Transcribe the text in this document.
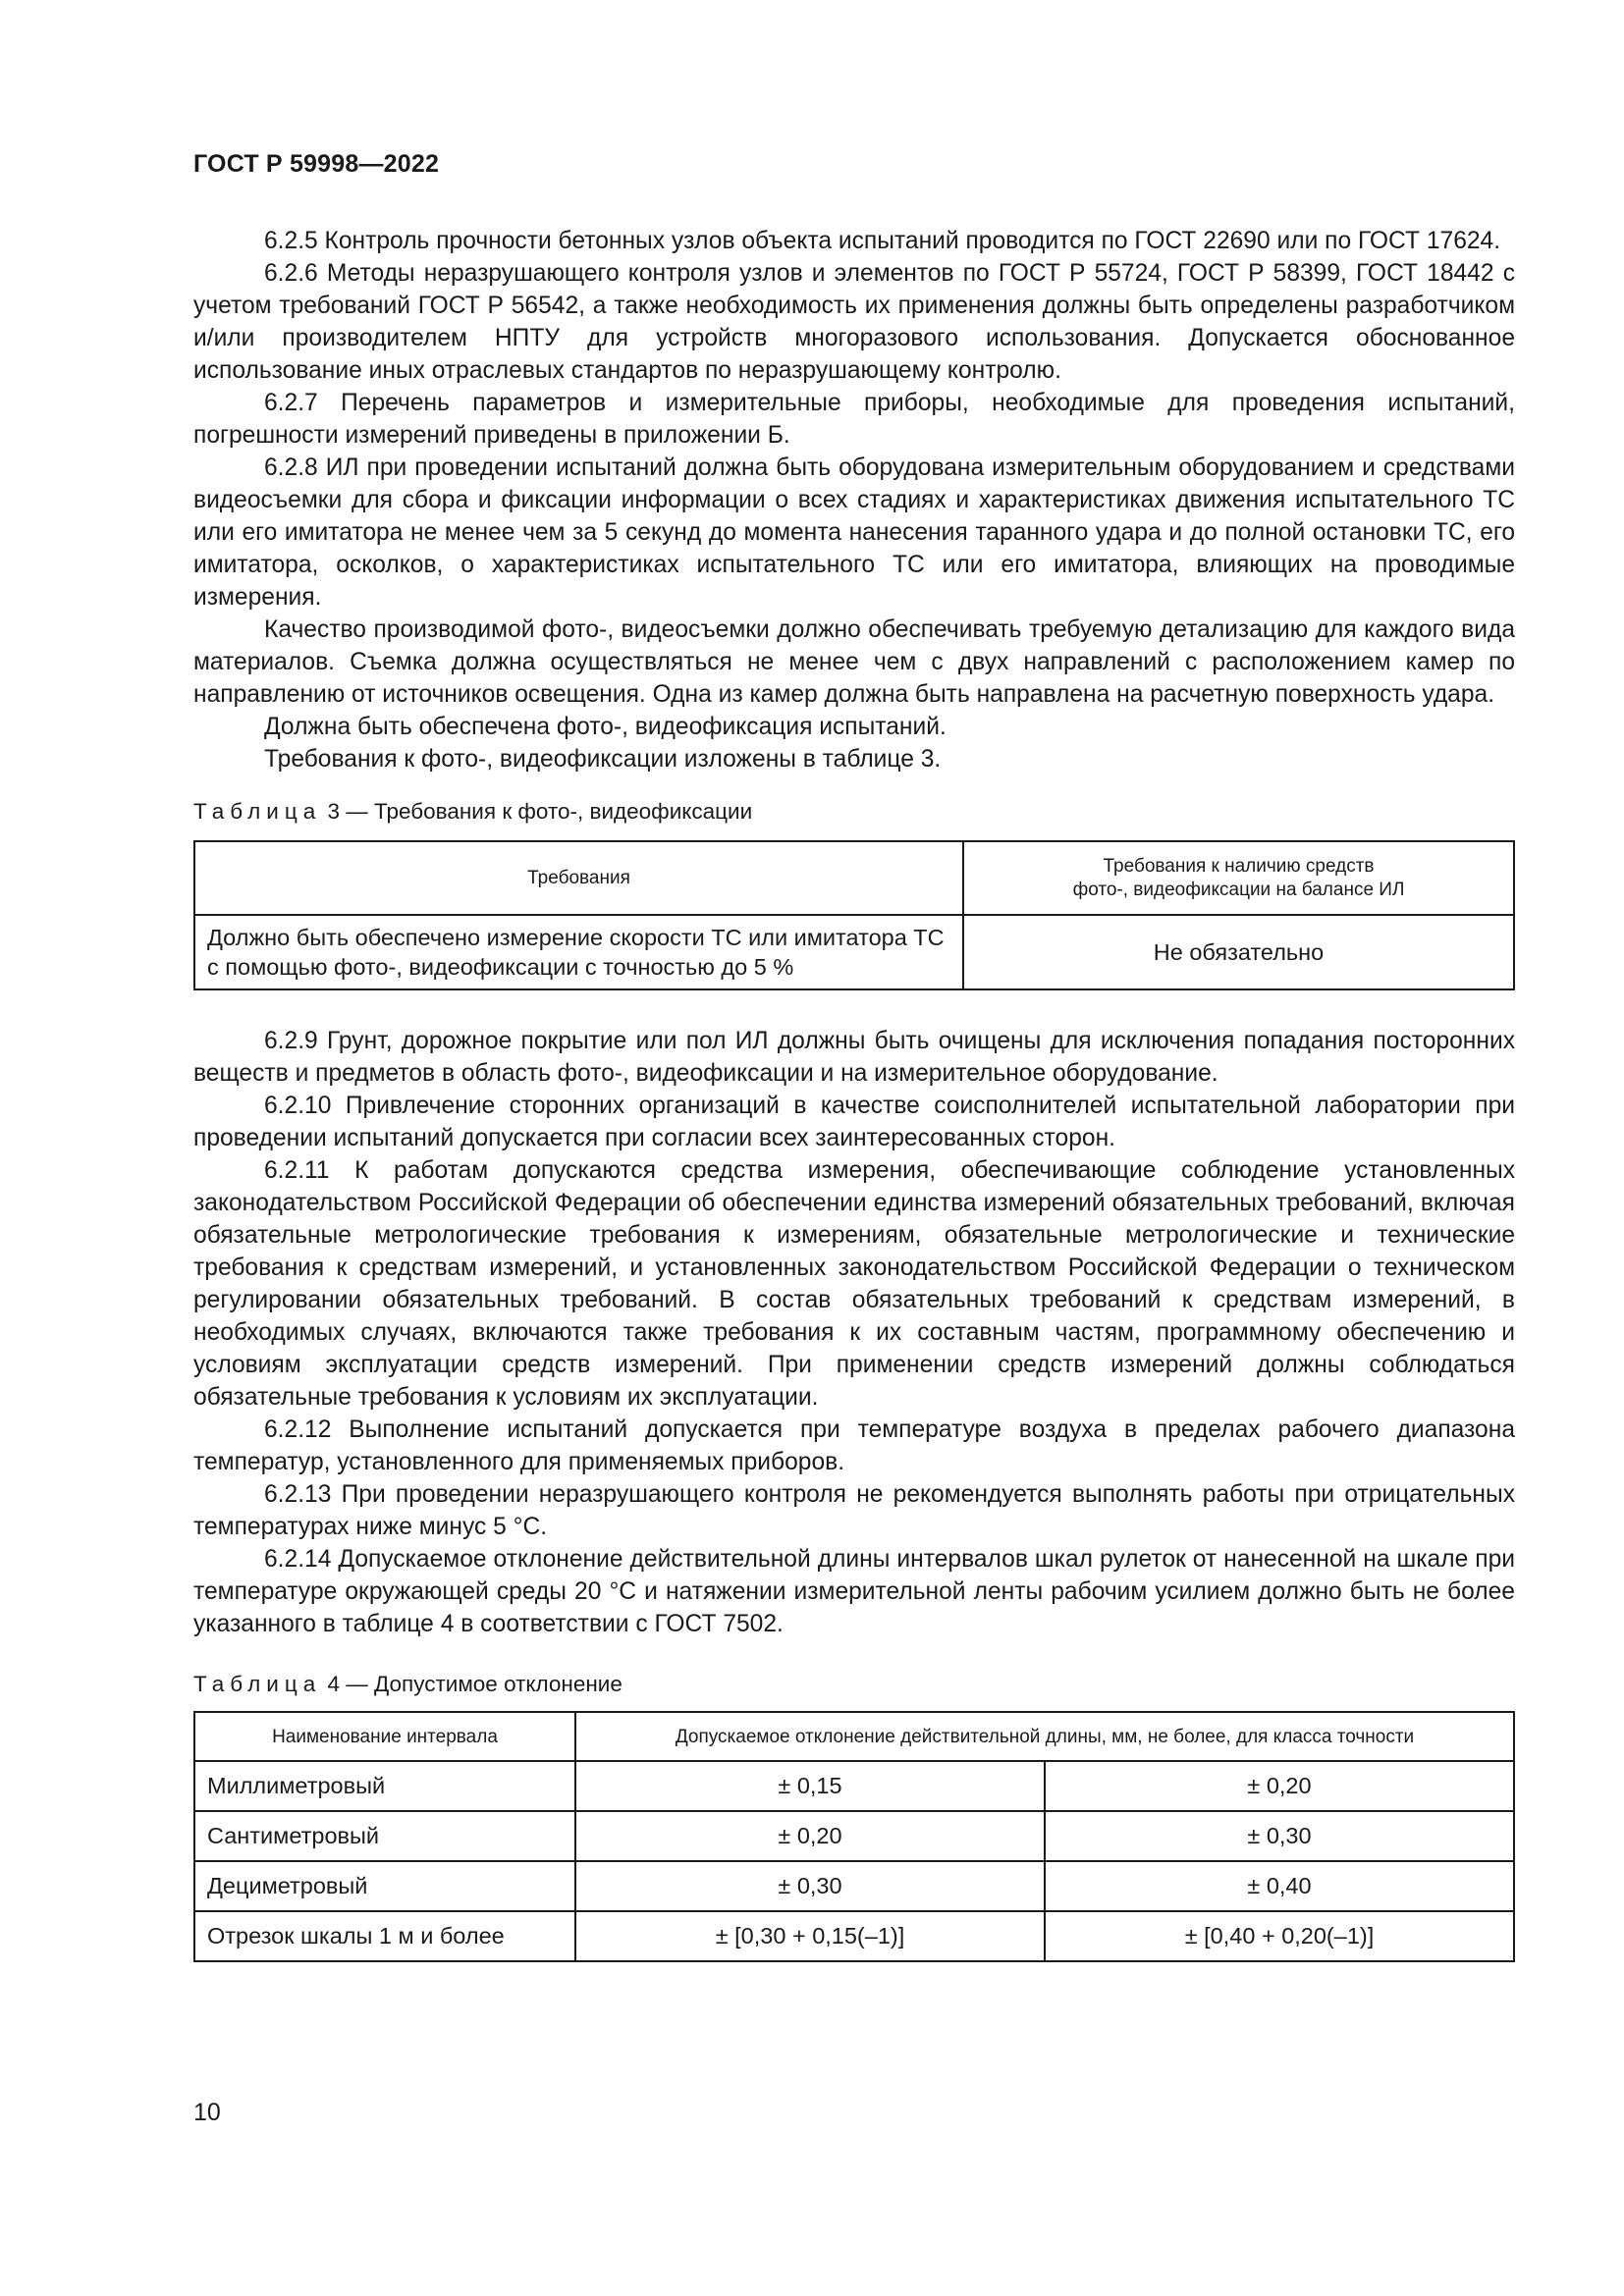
ГОСТ Р 59998—2022

6.2.5 Контроль прочности бетонных узлов объекта испытаний проводится по ГОСТ 22690 или по ГОСТ 17624.

6.2.6 Методы неразрушающего контроля узлов и элементов по ГОСТ Р 55724, ГОСТ Р 58399, ГОСТ 18442 с учетом требований ГОСТ Р 56542, а также необходимость их применения должны быть определены разработчиком и/или производителем НПТУ для устройств многоразового использования. Допускается обоснованное использование иных отраслевых стандартов по неразрушающему контролю.

6.2.7 Перечень параметров и измерительные приборы, необходимые для проведения испытаний, погрешности измерений приведены в приложении Б.

6.2.8 ИЛ при проведении испытаний должна быть оборудована измерительным оборудованием и средствами видеосъемки для сбора и фиксации информации о всех стадиях и характеристиках движения испытательного ТС или его имитатора не менее чем за 5 секунд до момента нанесения таранного удара и до полной остановки ТС, его имитатора, осколков, о характеристиках испытательного ТС или его имитатора, влияющих на проводимые измерения.

Качество производимой фото-, видеосъемки должно обеспечивать требуемую детализацию для каждого вида материалов. Съемка должна осуществляться не менее чем с двух направлений с расположением камер по направлению от источников освещения. Одна из камер должна быть направлена на расчетную поверхность удара.

Должна быть обеспечена фото-, видеофиксация испытаний.

Требования к фото-, видеофиксации изложены в таблице 3.

Таблица 3 — Требования к фото-, видеофиксации

Требования	Требования к наличию средств
фото-, видеофиксации на балансе ИЛ

Должно быть обеспечено измерение скорости ТС или имитатора ТС с помощью фото-, видеофиксации с точностью до 5 %	Не обязательно

6.2.9 Грунт, дорожное покрытие или пол ИЛ должны быть очищены для исключения попадания посторонних веществ и предметов в область фото-, видеофиксации и на измерительное оборудование.

6.2.10 Привлечение сторонних организаций в качестве соисполнителей испытательной лаборатории при проведении испытаний допускается при согласии всех заинтересованных сторон.

6.2.11 К работам допускаются средства измерения, обеспечивающие соблюдение установленных законодательством Российской Федерации об обеспечении единства измерений обязательных требований, включая обязательные метрологические требования к измерениям, обязательные метрологические и технические требования к средствам измерений, и установленных законодательством Российской Федерации о техническом регулировании обязательных требований. В состав обязательных требований к средствам измерений, в необходимых случаях, включаются также требования к их составным частям, программному обеспечению и условиям эксплуатации средств измерений. При применении средств измерений должны соблюдаться обязательные требования к условиям их эксплуатации.

6.2.12 Выполнение испытаний допускается при температуре воздуха в пределах рабочего диапазона температур, установленного для применяемых приборов.

6.2.13 При проведении неразрушающего контроля не рекомендуется выполнять работы при отрицательных температурах ниже минус 5 °С.

6.2.14 Допускаемое отклонение действительной длины интервалов шкал рулеток от нанесенной на шкале при температуре окружающей среды 20 °С и натяжении измерительной ленты рабочим усилием должно быть не более указанного в таблице 4 в соответствии с ГОСТ 7502.

Таблица 4 — Допустимое отклонение

Наименование интервала	Допускаемое отклонение действительной длины, мм, не более, для класса точности	
Миллиметровый	± 0,15	± 0,20
Сантиметровый	± 0,20	± 0,30
Дециметровый	± 0,30	± 0,40
Отрезок шкалы 1 м и более	± [0,30 + 0,15(–1)]	± [0,40 + 0,20(–1)]
10
